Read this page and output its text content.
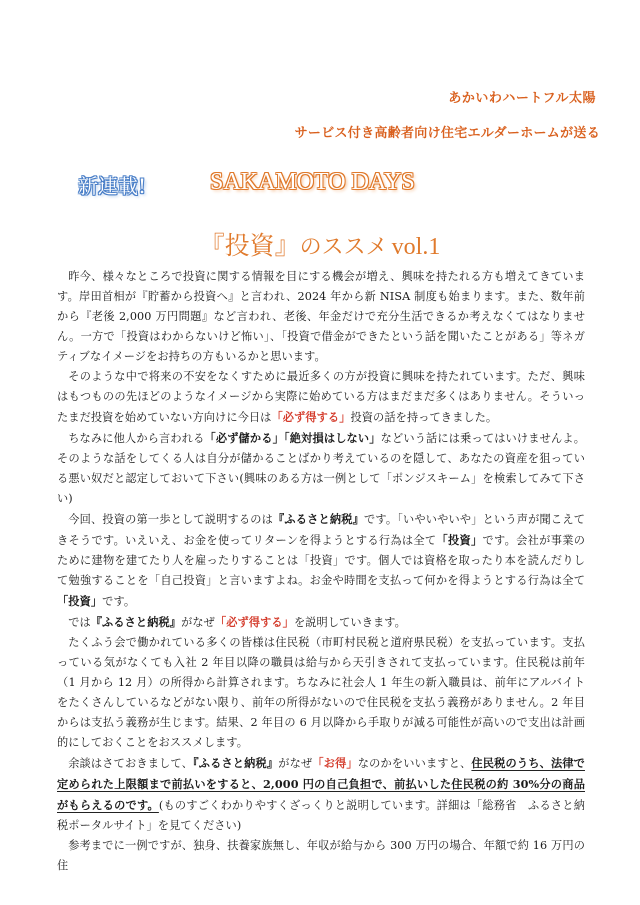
あかいわハートフル太陽
サービス付き高齢者向け住宅エルダーホームが送る
新連載!	SAKAMOTO DAYS
『投資』のススメ vol.1

昨今、様々なところで投資に関する情報を目にする機会が増え、興味を持たれる方も増えてきています。岸田首相が『貯蓄から投資へ』と言われ、2024 年から新 NISA 制度も始まります。また、数年前から『老後 2,000 万円問題』など言われ、老後、年金だけで充分生活できるか考えなくてはなりません。一方で「投資はわからないけど怖い」、「投資で借金ができたという話を聞いたことがある」等ネガティブなイメージをお持ちの方もいるかと思います。

そのような中で将来の不安をなくすために最近多くの方が投資に興味を持たれています。ただ、興味はもつものの先ほどのようなイメージから実際に始めている方はまだまだ多くはありません。そういったまだ投資を始めていない方向けに今日は「必ず得する」投資の話を持ってきました。

ちなみに他人から言われる「必ず儲かる」「絶対損はしない」などいう話には乗ってはいけませんよ。そのような話をしてくる人は自分が儲かることばかり考えているのを隠して、あなたの資産を狙っている悪い奴だと認定しておいて下さい(興味のある方は一例として「ポンジスキーム」を検索してみて下さい)

今回、投資の第一歩として説明するのは『ふるさと納税』です。「いやいやいや」という声が聞こえてきそうです。いえいえ、お金を使ってリターンを得ようとする行為は全て「投資」です。会社が事業のために建物を建てたり人を雇ったりすることは「投資」です。個人では資格を取ったり本を読んだりして勉強することを「自己投資」と言いますよね。お金や時間を支払って何かを得ようとする行為は全て「投資」です。

では『ふるさと納税』がなぜ「必ず得する」を説明していきます。

たくふう会で働かれている多くの皆様は住民税（市町村民税と道府県民税）を支払っています。支払っている気がなくても入社 2 年目以降の職員は給与から天引きされて支払っています。住民税は前年（1 月から 12 月）の所得から計算されます。ちなみに社会人 1 年生の新入職員は、前年にアルバイトをたくさんしているなどがない限り、前年の所得がないので住民税を支払う義務がありません。2 年目からは支払う義務が生じます。結果、2 年目の 6 月以降から手取りが減る可能性が高いので支出は計画的にしておくことをおススメします。

余談はさておきまして、『ふるさと納税』がなぜ「お得」なのかをいいますと、住民税のうち、法律で定められた上限額まで前払いをすると、2,000 円の自己負担で、前払いした住民税の約 30%分の商品がもらえるのです。(ものすごくわかりやすくざっくりと説明しています。詳細は「総務省　ふるさと納税ポータルサイト」を見てください)

参考までに一例ですが、独身、扶養家族無し、年収が給与から 300 万円の場合、年額で約 16 万円の住
